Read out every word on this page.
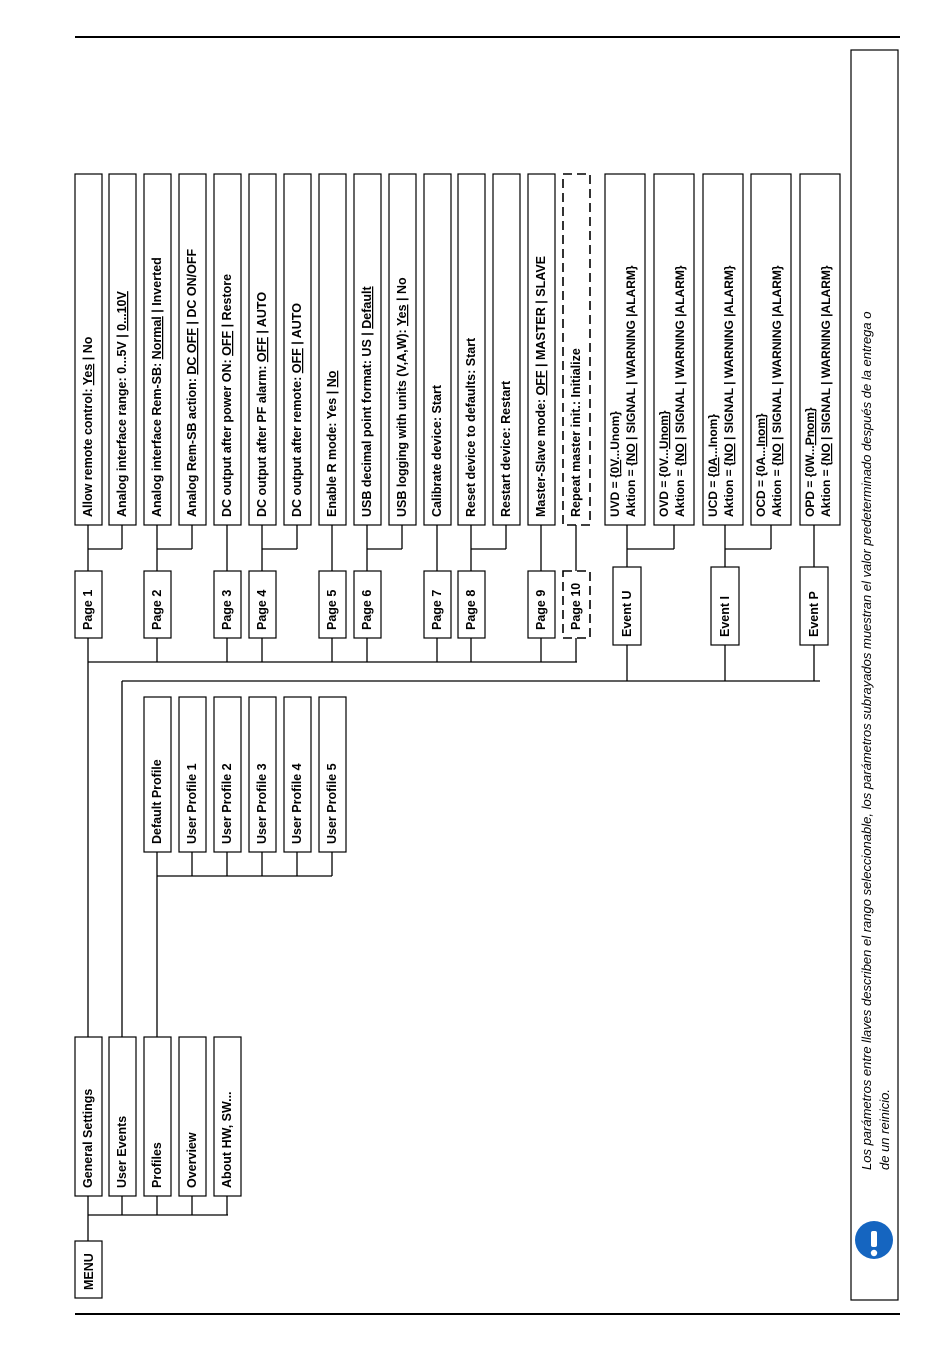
MENU
General Settings User Events Profiles Overview About HW, SW...
Page 1
Allow remote control: Yes | No Analog interface range: 0...5V | 0...10V
Page 2
Analog interface Rem-SB: Normal | Inverted
Analog Rem-SB action: DC OFF | DC ON/OFF
Page 3
DC output after power ON: OFF | Restore
Page 4
DC output after PF alarm: OFF | AUTO
DC output after remote: OFF | AUTO
Page 5
Enable R mode: Yes | No
Page 6
USB decimal point format: US | Default
USB logging with units (V,A,W): Yes | No
Page 7
Calibrate device: Start
Page 8
Reset device to defaults: Start Restart device: Restart
Page 9
Master-Slave mode: OFF | MASTER | SLAVE
Page 10
Repeat master init.: Initialize
Event U
UVD = {0V...Unom}
Aktion = {NO | SIGNAL | WARNING |ALARM}
OVD = {0V...Unom}
Aktion = {NO | SIGNAL | WARNING |ALARM}
Event I
UCD = {0A...Inom}
Aktion = {NO | SIGNAL | WARNING |ALARM}
OCD = {0A...Inom}
Aktion = {NO | SIGNAL | WARNING |ALARM}
Event P
OPD = {0W...Pnom}
Aktion = {NO | SIGNAL | WARNING |ALARM}
Default Profile User Profile 1 User Profile 2 User Profile 3 User Profile 4 User Profile 5	Los parámetros entre llaves describen el rango seleccionable, los parámetros subrayados muestran el valor predeterminado después de la entrega o de un reinicio.
